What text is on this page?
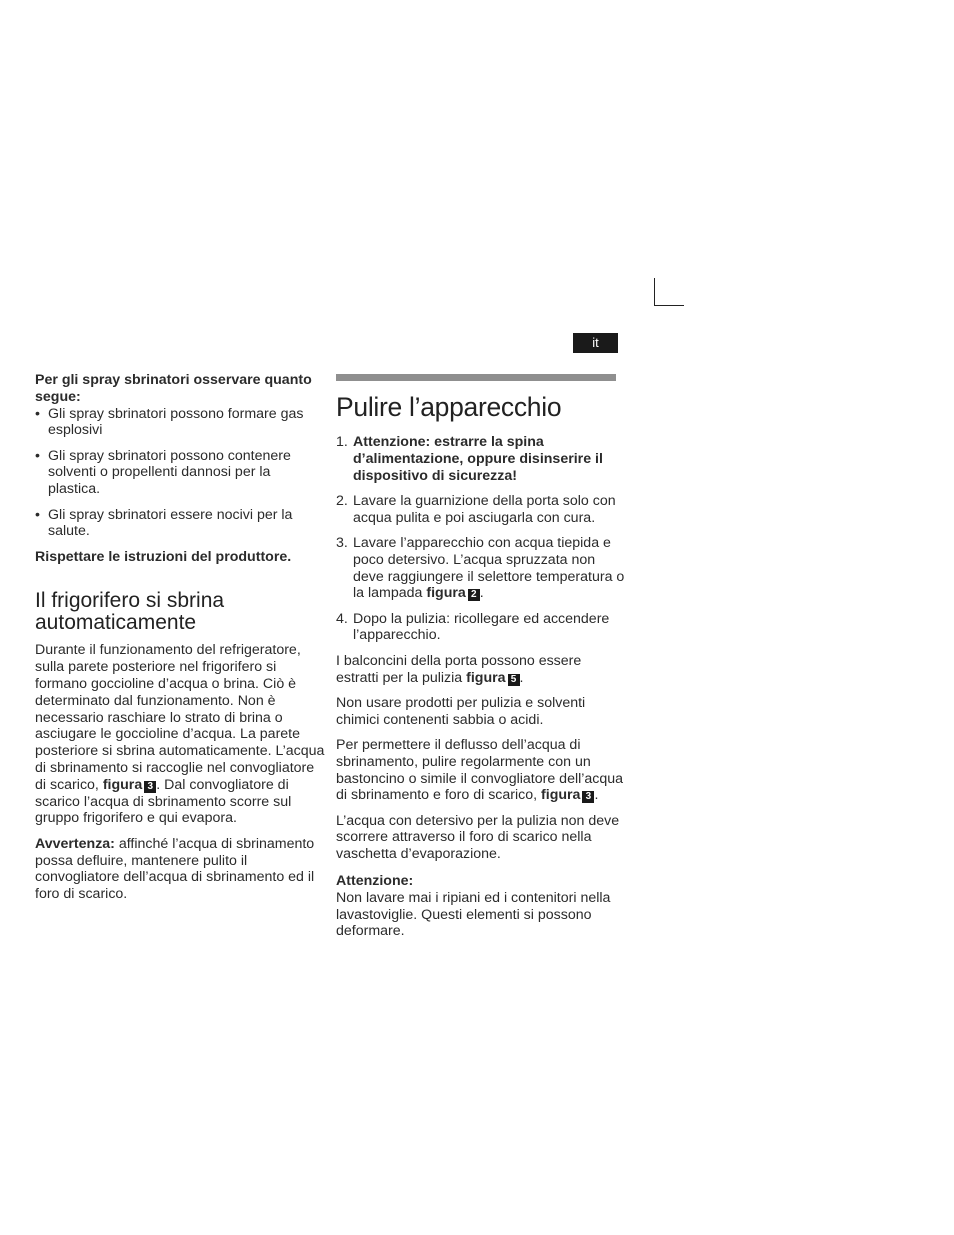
it

Per gli spray sbrinatori osservare quanto segue:

• Gli spray sbrinatori possono formare gas esplosivi
• Gli spray sbrinatori possono contenere solventi o propellenti dannosi per la plastica.
• Gli spray sbrinatori essere nocivi per la salute.

Rispettare le istruzioni del produttore.

Il frigorifero si sbrina automaticamente

Durante il funzionamento del refrigeratore, sulla parete posteriore nel frigorifero si formano goccioline d’acqua o brina. Ciò è determinato dal funzionamento. Non è necessario raschiare lo strato di brina o asciugare le goccioline d’acqua. La parete posteriore si sbrina automaticamente. L’acqua di sbrinamento si raccoglie nel convogliatore di scarico, figura 3 . Dal convogliatore di scarico l’acqua di sbrinamento scorre sul gruppo frigorifero e qui evapora.

Avvertenza: affinché l’acqua di sbrinamento possa defluire, mantenere pulito il convogliatore dell’acqua di sbrinamento ed il foro di scarico.

Pulire l’apparecchio
1. Attenzione: estrarre la spina d’alimentazione, oppure disinserire il dispositivo di sicurezza!
2. Lavare la guarnizione della porta solo con acqua pulita e poi asciugarla con cura.
3. Lavare l’apparecchio con acqua tiepida e poco detersivo. L’acqua spruzzata non deve raggiungere il selettore temperatura o la lampada figura 2 .
4. Dopo la pulizia: ricollegare ed accendere l’apparecchio.

I balconcini della porta possono essere estratti per la pulizia figura 5 .

Non usare prodotti per pulizia e solventi chimici contenenti sabbia o acidi.

Per permettere il deflusso dell’acqua di sbrinamento, pulire regolarmente con un bastoncino o simile il convogliatore dell’acqua di sbrinamento e foro di scarico, figura 3 .

L’acqua con detersivo per la pulizia non deve scorrere attraverso il foro di scarico nella vaschetta d’evaporazione.

Attenzione:

Non lavare mai i ripiani ed i contenitori nella lavastoviglie. Questi elementi si possono deformare.
